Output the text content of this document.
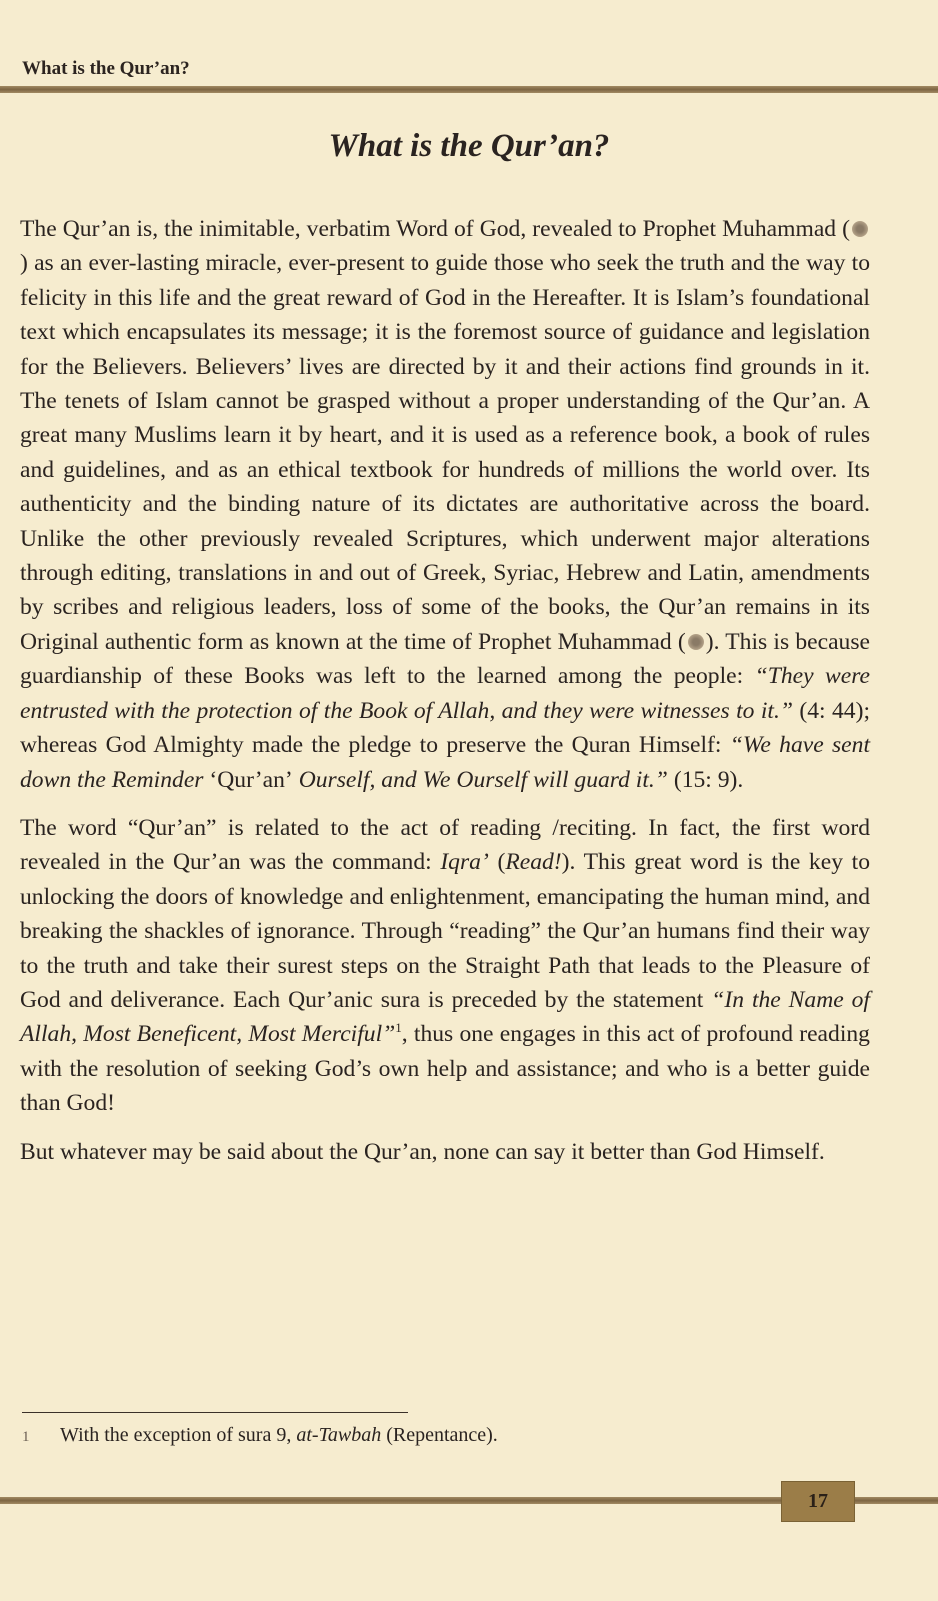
What is the Qur’an?
What is the Qur’an?

The Qur’an is, the inimitable, verbatim Word of God, revealed to Prophet Muhammad () as an ever-lasting miracle, ever-present to guide those who seek the truth and the way to felicity in this life and the great reward of God in the Hereafter. It is Islam’s foundational text which encapsulates its message; it is the foremost source of guidance and legislation for the Believers. Believers’ lives are directed by it and their actions find grounds in it. The tenets of Islam cannot be grasped without a proper understanding of the Qur’an. A great many Muslims learn it by heart, and it is used as a reference book, a book of rules and guidelines, and as an ethical textbook for hundreds of millions the world over. Its authenticity and the binding nature of its dictates are authoritative across the board. Unlike the other previously revealed Scriptures, which underwent major alterations through editing, translations in and out of Greek, Syriac, Hebrew and Latin, amendments by scribes and religious leaders, loss of some of the books, the Qur’an remains in its Original authentic form as known at the time of Prophet Muhammad ( ). This is because guardianship of these Books was left to the learned among the people: “They were entrusted with the protection of the Book of Allah, and they were witnesses to it.” (4: 44); whereas God Almighty made the pledge to preserve the Quran Himself: “We have sent down the Reminder ‘Qur’an’ Ourself, and We Ourself will guard it.” (15: 9).

The word “Qur’an” is related to the act of reading /reciting. In fact, the first word revealed in the Qur’an was the command: Iqra’ (Read!). This great word is the key to unlocking the doors of knowledge and enlightenment, emancipating the human mind, and breaking the shackles of ignorance. Through “reading” the Qur’an humans find their way to the truth and take their surest steps on the Straight Path that leads to the Pleasure of God and deliverance. Each Qur’anic sura is preceded by the statement “In the Name of Allah, Most Beneficent, Most Merciful”$^1$, thus one engages in this act of profound reading with the resolution of seeking God’s own help and assistance; and who is a better guide than God!

But whatever may be said about the Qur’an, none can say it better than God Himself.

1 With the exception of sura 9, at-Tawbah (Repentance).
17
